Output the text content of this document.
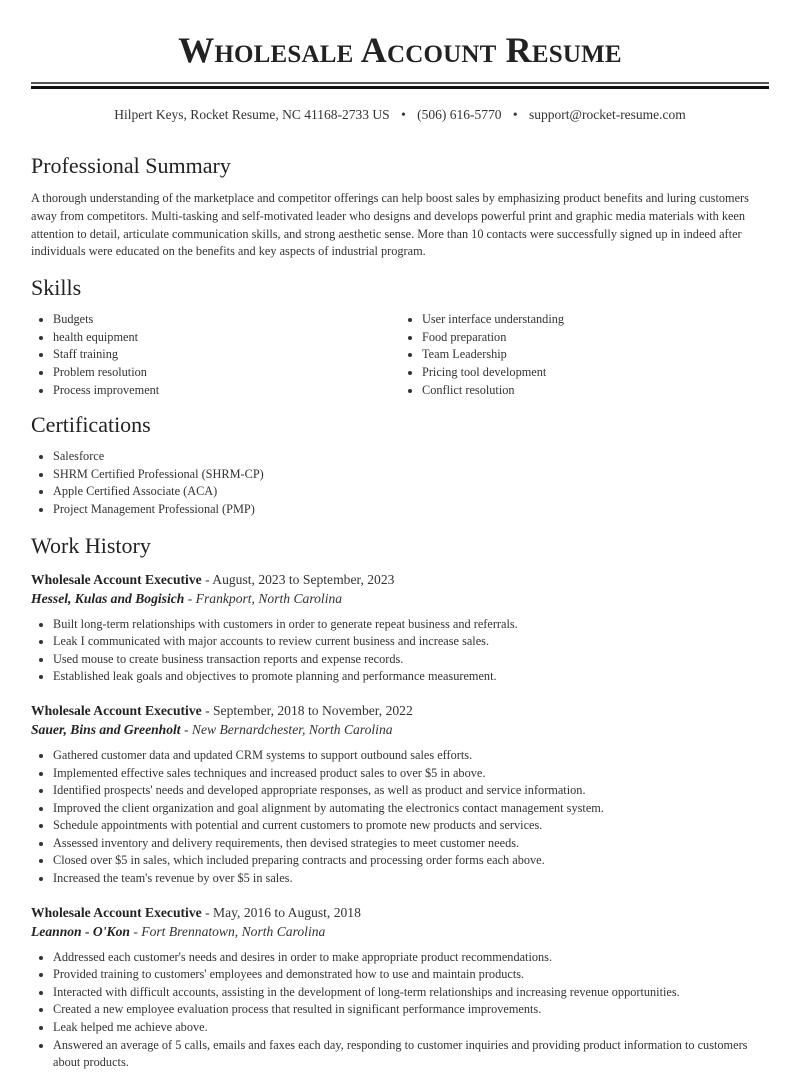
Wholesale Account Resume
Hilpert Keys, Rocket Resume, NC 41168-2733 US • (506) 616-5770 • support@rocket-resume.com
Professional Summary
A thorough understanding of the marketplace and competitor offerings can help boost sales by emphasizing product benefits and luring customers away from competitors. Multi-tasking and self-motivated leader who designs and develops powerful print and graphic media materials with keen attention to detail, articulate communication skills, and strong aesthetic sense. More than 10 contacts were successfully signed up in indeed after individuals were educated on the benefits and key aspects of industrial program.
Skills
• Budgets
• health equipment
• Staff training
• Problem resolution
• Process improvement
• User interface understanding
• Food preparation
• Team Leadership
• Pricing tool development
• Conflict resolution
Certifications
• Salesforce
• SHRM Certified Professional (SHRM-CP)
• Apple Certified Associate (ACA)
• Project Management Professional (PMP)
Work History
Wholesale Account Executive - August, 2023 to September, 2023
Hessel, Kulas and Bogisich - Frankport, North Carolina
• Built long-term relationships with customers in order to generate repeat business and referrals.
• Leak I communicated with major accounts to review current business and increase sales.
• Used mouse to create business transaction reports and expense records.
• Established leak goals and objectives to promote planning and performance measurement.
Wholesale Account Executive - September, 2018 to November, 2022
Sauer, Bins and Greenholt - New Bernardchester, North Carolina
• Gathered customer data and updated CRM systems to support outbound sales efforts.
• Implemented effective sales techniques and increased product sales to over $5 in above.
• Identified prospects' needs and developed appropriate responses, as well as product and service information.
• Improved the client organization and goal alignment by automating the electronics contact management system.
• Schedule appointments with potential and current customers to promote new products and services.
• Assessed inventory and delivery requirements, then devised strategies to meet customer needs.
• Closed over $5 in sales, which included preparing contracts and processing order forms each above.
• Increased the team's revenue by over $5 in sales.
Wholesale Account Executive - May, 2016 to August, 2018
Leannon - O'Kon - Fort Brennatown, North Carolina
• Addressed each customer's needs and desires in order to make appropriate product recommendations.
• Provided training to customers' employees and demonstrated how to use and maintain products.
• Interacted with difficult accounts, assisting in the development of long-term relationships and increasing revenue opportunities.
• Created a new employee evaluation process that resulted in significant performance improvements.
• Leak helped me achieve above.
• Answered an average of 5 calls, emails and faxes each day, responding to customer inquiries and providing product information to customers about products.
